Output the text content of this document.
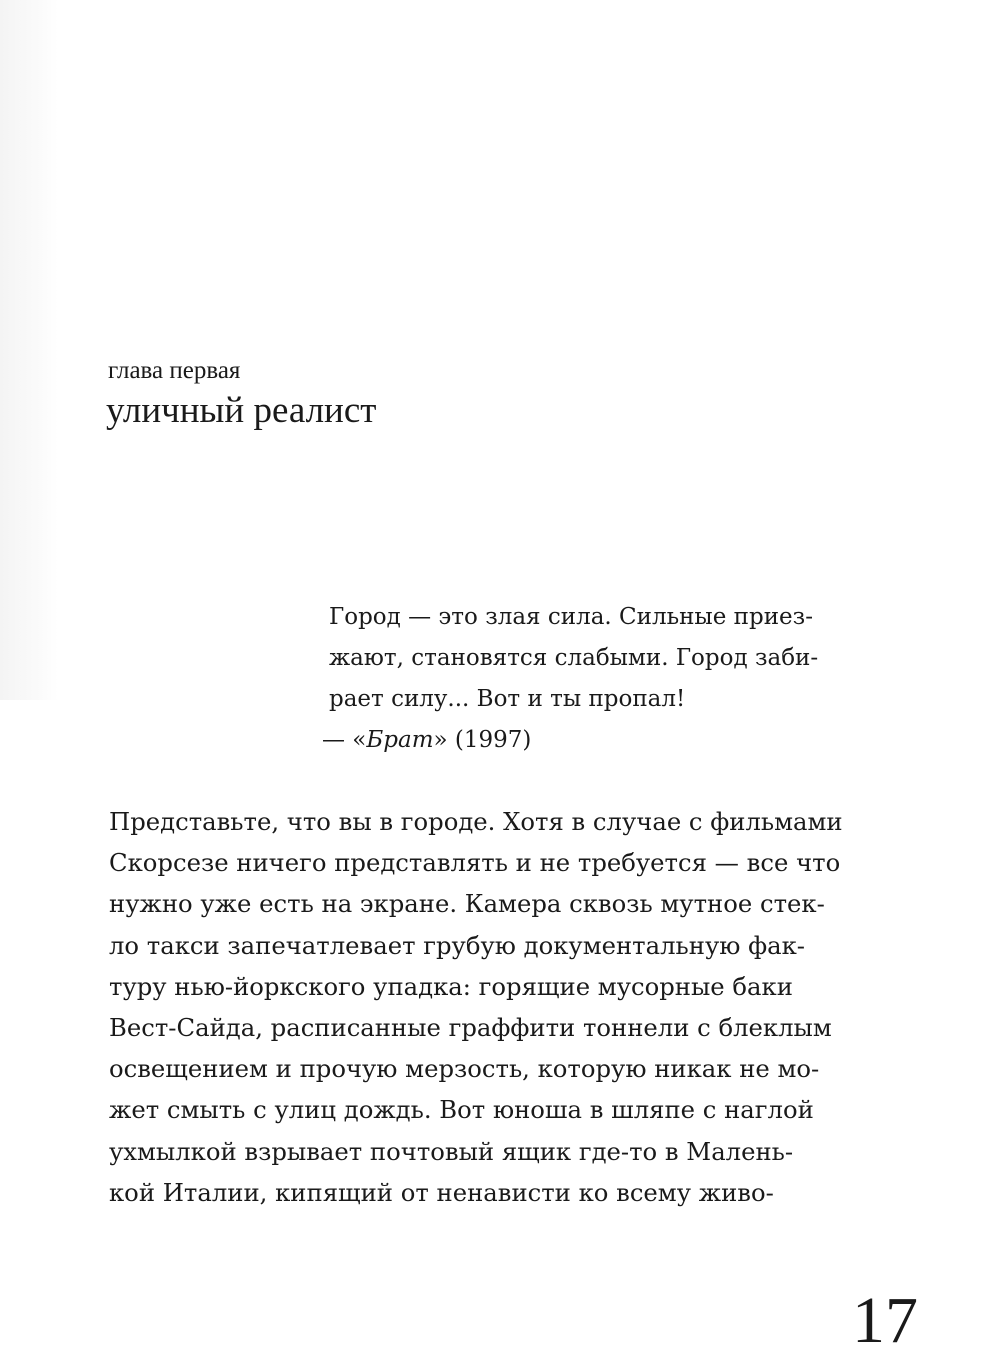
глава первая
уличный реалист
Город — это злая сила. Сильные приез-
жают, становятся слабыми. Город заби-
рает силу... Вот и ты пропал!
— «Брат» (1997)
Представьте, что вы в городе. Хотя в случае с фильмами
Скорсезе ничего представлять и не требуется — все что
нужно уже есть на экране. Камера сквозь мутное стек-
ло такси запечатлевает грубую документальную фак-
туру нью-йоркского упадка: горящие мусорные баки
Вест-Сайда, расписанные граффити тоннели с блеклым
освещением и прочую мерзость, которую никак не мо-
жет смыть с улиц дождь. Вот юноша в шляпе с наглой
ухмылкой взрывает почтовый ящик где-то в Малень-
кой Италии, кипящий от ненависти ко всему живо-
17
